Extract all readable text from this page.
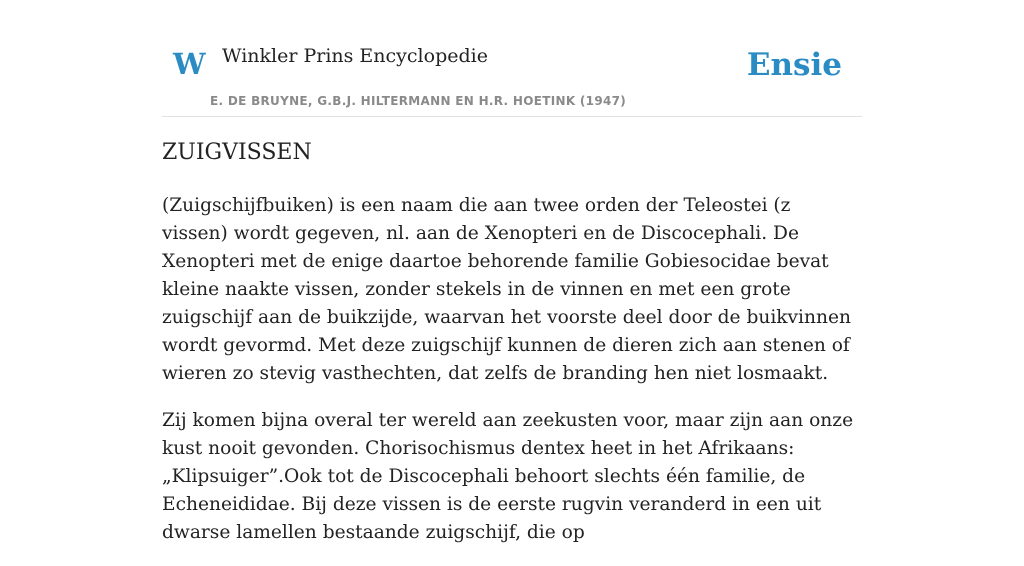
W Winkler Prins Encyclopedie
E. DE BRUYNE, G.B.J. HILTERMANN EN H.R. HOETINK (1947)
Ensie
ZUIGVISSEN

(Zuigschijfbuiken) is een naam die aan twee orden der Teleostei (z vissen) wordt gegeven, nl. aan de Xenopteri en de Discocephali. De Xenopteri met de enige daartoe behorende familie Gobiesocidae bevat kleine naakte vissen, zonder stekels in de vinnen en met een grote zuigschijf aan de buikzijde, waarvan het voorste deel door de buikvinnen wordt gevormd. Met deze zuigschijf kunnen de dieren zich aan stenen of wieren zo stevig vasthechten, dat zelfs de branding hen niet losmaakt.

Zij komen bijna overal ter wereld aan zeekusten voor, maar zijn aan onze kust nooit gevonden. Chorisochismus dentex heet in het Afrikaans: „Klipsuiger”.Ook tot de Discocephali behoort slechts één familie, de Echeneididae. Bij deze vissen is de eerste rugvin veranderd in een uit dwarse lamellen bestaande zuigschijf, die op
